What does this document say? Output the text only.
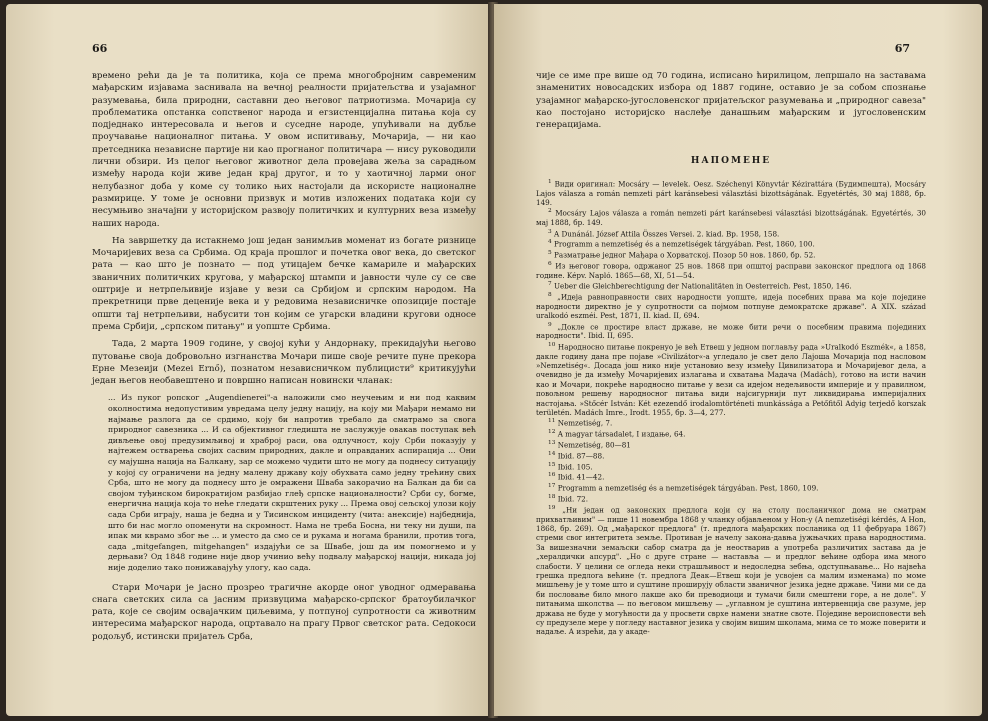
66

времено рећи да је та политика, која се према многобројним савременим мађарским изјавама заснивала на вечној реалности пријатељства и узајамног разумевања, била природни, саставни део његовог патриотизма. Мочарија су проблематика опстанка сопственог народа и егзистенцијална питања која су подједнако интересовала и његов и суседне народе, упућивали на дубље проучавање националног питања. У овом испитивању, Мочарија, — ни као претседника независне партије ни као прогнаног политичара — нису руководили лични обзири. Из целог његовог животног дела провејава жеља за сарадњом између народа који живе један крај другог, и то у хаотичној ларми оног нелубазног доба у коме су толико њих настојали да искористе националне размирице. У томе је основни призвук и мотив изложених података који су несумњиво значајни у историјском развоју политичких и културних веза између наших народа.

На завршетку да истакнемо још један занимљив моменат из богате ризнице Мочаријевих веза са Србима. Од краја прошлог и почетка овог века, до светског рата — као што је познато — под утицајем бечке камарилe и мађарских званичних политичких кругова, у мађарској штампи и јавности чуле су се све оштрије и нетрпељивије изјаве у вези са Србијом и српским народом. На прекретници прве деценије века и у редовима независничке опозиције постаје општи тај нетрпељиви, набусити тон којим се угарски владини кругови односе према Србији, „српском питању" и уопште Србима.

Тада, 2 марта 1909 године, у својој кући у Андорнаку, прекидајући његово путовање своја добровољно изгнанства Мочари пише своје речите пуне прекора Ерне Мезеији (Mezei Ernő), познатом независничком публицисти⁹ критикујући један његов необавештено и површно написан новински чланак:

... Из пуког ропског „Augendienerei"-а наложили смо неучењим и ни под каквим околностима недопустивим увредама целу једну нацију, на коју ми Мађари немамо ни најмање разлога да се срдимо, коју би напротив требало да сматрамо за свога природног савезника ... И са објективног гледишта не заслужује овакав поступак већ дивљење овој предузимљивој и храброј раси, ова одлучност, коју Срби показују у најтежем остварења својих сасвим природних, дакле и оправданих аспирација ... Они су мајушна нација на Балкану, зар се можемо чудити што не могу да поднесу ситуацију у којој су ограничени на једну малену државу коју обухвата само једну трећину свих Срба, што не могу да поднесу што је омражени Шваба закорачио на Балкан да би са својом туђинском бирократијом разбијао глеђ српске националности? Срби су, богме, енергична нација која то неће гледати скрштених руку ... Према овој сељској улози коју сада Срби играју, наша је бедна и у Тисинском инциденту (чита: анексије) најбеднија, што би нас могло опоменути на скромност. Нама не треба Босна, ни теку ни души, па ипак ми кврамо због ње ... и уместо да смо се и рукама и ногама бранили, против тога, сада „mitgefangen, mitgehangen" издајући се за Швабе, још да им помогнемо и у дерњави? Од 1848 године није двор учинио већу подвалу мађарској нацији, никада јој није доделио тако понижавајућу улогу, као сада.

Стари Мочари је јасно прозрео трагичне акорде оног уводног одмеравања снага светских сила са јасним призвуцима мађарско-српског братоубилачког рата, које се својим освајачким циљевима, у потпуној супротности са животним интересима мађарског народа, оцртавало на прагу Првог светског рата. Седокоси родољуб, истински пријатељ Срба,

67

чије се име пре више од 70 година, исписано ћирилицом, лепршало на заставама знаменитих новосадских избора од 1887 године, оставио је за собом спознање узајамног мађарско-југословенског пријатељског разумевања и „природног савеза" као постојано историјско наслеђе данашњим мађарским и југословенским генерацијама.

НАПОМЕНЕ

$^1$ Види оригинал: Mocsáry — levelek. Oesz. Széchenyi Könyvtár Kézirattára (Будимпешта), Mocsáry Lajos válasza a román nemzeti párt karánsebesi választási bizottságának. Egyetértés, 30 мај 1888, бр. 149.

$^2$ Mocsáry Lajos válasza a román nemzeti párt karánsebesi választási bizottságának. Egyetértés, 30 мај 1888, бр. 149.

$^3$ A Dunánál. József Attila Összes Versei. 2. kiad. Bp. 1958, 158.

$^4$ Programm a nemzetiség és a nemzetiségek tárgyában. Pest, 1860, 100.

$^5$ Разматрање једног Мађара о Хорватској. Позор 50 нов. 1860, бр. 52.

$^6$ Из његовог говора, одржаног 25 нов. 1868 при општој расправи законског предлога од 1868 године. Képv. Napló. 1865—68, XI, 51—54.

$^7$ Ueber die Gleichberechtigung der Nationalitäten in Oesterreich. Pest, 1850, 146.

$^8$ „Идеја равноправности свих народности уопште, идеја посебних права ма које поједине народности директно је у супротности са појмом потпуне демократске државе". A XIX. század uralkodó eszméi. Pest, 1871, II. kiad. II, 694.

$^9$ „Докле се простире власт државе, не може бити речи о посебним правима појединих народности". Ibid. II, 695.

$^{10}$ Народносно питање покренуо је већ Етвеш у једном поглављу рада »Uralkodó Eszmék«, а 1858, дакле годину дана пре појаве »Civilizátor«-а угледало је свет дело Лајоша Мочарија под насловом »Nemzetiség«. Досада још нико није установио везу између Цивилизатора и Мочаријевог дела, а очевидно је да између Мочаријевих излагања и схватања Мадача (Madách), готово на исти начин као и Мочари, покреће народносно питање у вези са идејом недељивости империје и у правилном, повољном решењу народносног питања види најсигурнији пут ликвидирања империјалних настојања. »Stőcér István: Két ezezendő irodalomtörténeti munkássága a Petőfitől Adyig terjedő korszak területén. Madách Imre., Irodt. 1955, бр. 3—4, 277.

$^{11}$ Nemzetiség, 7.

$^{12}$ A magyar társadalet, I издање, 64.

$^{13}$ Nemzetiség, 80—81

$^{14}$ Ibid. 87—88.

$^{15}$ Ibid. 105.

$^{16}$ Ibid. 41—42.

$^{17}$ Programm a nemzetiség és a nemzetiségek tárgyában. Pest, 1860, 109.

$^{18}$ Ibid. 72.

$^{19}$ „Ни један од законских предлога који су на столу посланичког дома не сматрам прихватљивим" — пише 11 новембра 1868 у чланку објављеном у Hon-у (A nemzetiségi kérdés, A Hon, 1868, бр. 269). Од „мађарског предлога" (т. предлога мађарских посланика од 11 фебруара 1867) стреми свог интегритета земље. Противан је начелу закона-давња јужњачких права народностима. За вишезначни земаљски сабор сматра да је неостварив а употреба различитих застава да је „хералдички апсурд". „Но с друге стране — наставља — и предлог већине одбора има много слабости. У целини се огледа неки страшљивост и недоследна зебња, одступњавање... Но највећа грешка предлога већине (т. предлога Деак—Етвеш који је усвојен са малим изменама) по моме мишљењу је у томе што и суштине проширују области званичног језика једне државе. Чини ми се да би пословање било много лакше ако би преводиоци и тумачи били смештени горе, а не доле". У питањима школства — по његовом мишљењу — „углавном је суштина интервенција све разуме, јер држава не буде у могућности да у просвети сврхе намени знатне своте. Поједине вероисповести већ су предузеле мере у погледу наставног језика у својим вишим школама, мима се то може поверити и надаље. А изрећи, да у акаде-
